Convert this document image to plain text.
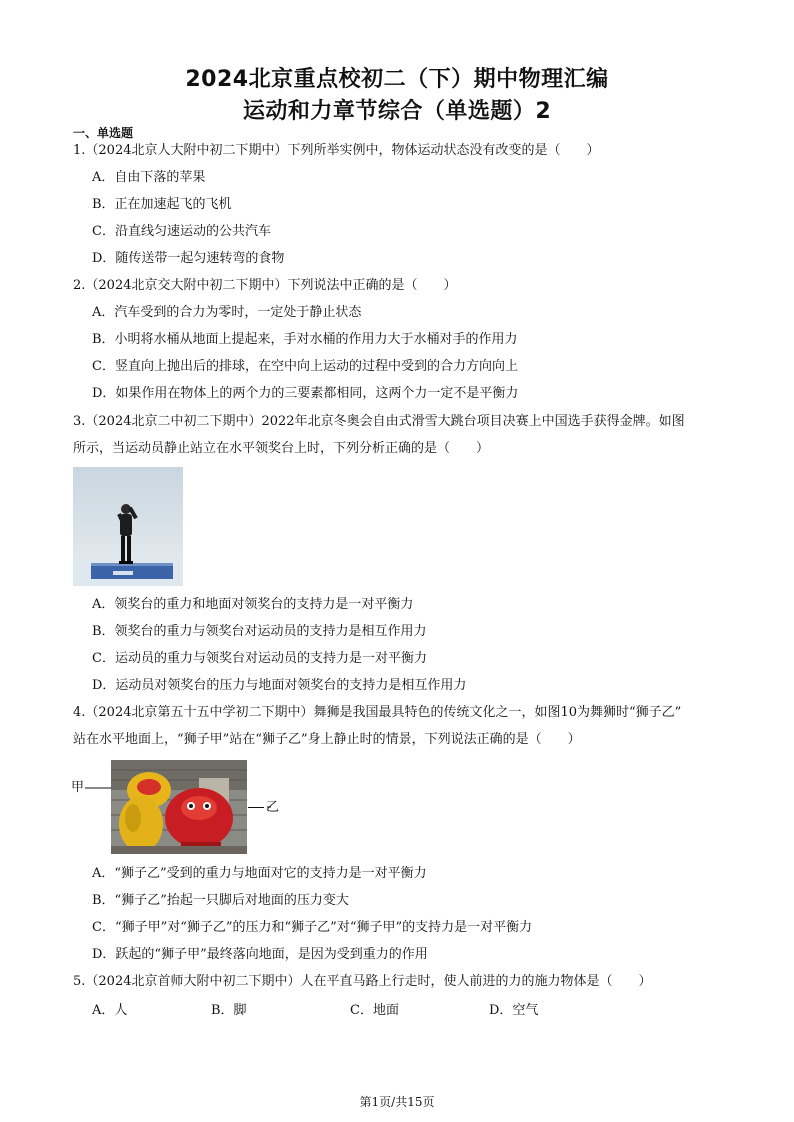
2024北京重点校初二（下）期中物理汇编
运动和力章节综合（单选题）2
一、单选题
1.（2024北京人大附中初二下期中）下列所举实例中，物体运动状态没有改变的是（　　）
A．自由下落的苹果
B．正在加速起飞的飞机
C．沿直线匀速运动的公共汽车
D．随传送带一起匀速转弯的食物
2.（2024北京交大附中初二下期中）下列说法中正确的是（　　）
A．汽车受到的合力为零时，一定处于静止状态
B．小明将水桶从地面上提起来，手对水桶的作用力大于水桶对手的作用力
C．竖直向上抛出后的排球，在空中向上运动的过程中受到的合力方向向上
D．如果作用在物体上的两个力的三要素都相同，这两个力一定不是平衡力
3.（2024北京二中初二下期中）2022年北京冬奥会自由式滑雪大跳台项目决赛上中国选手获得金牌。如图
所示，当运动员静止站立在水平领奖台上时，下列分析正确的是（　　）
A．领奖台的重力和地面对领奖台的支持力是一对平衡力
B．领奖台的重力与领奖台对运动员的支持力是相互作用力
C．运动员的重力与领奖台对运动员的支持力是一对平衡力
D．运动员对领奖台的压力与地面对领奖台的支持力是相互作用力
4.（2024北京第五十五中学初二下期中）舞狮是我国最具特色的传统文化之一，如图10为舞狮时“狮子乙”
站在水平地面上，“狮子甲”站在“狮子乙”身上静止时的情景，下列说法正确的是（　　）
甲
乙
A．“狮子乙”受到的重力与地面对它的支持力是一对平衡力
B．“狮子乙”抬起一只脚后对地面的压力变大
C．“狮子甲”对“狮子乙”的压力和“狮子乙”对“狮子甲”的支持力是一对平衡力
D．跃起的“狮子甲”最终落向地面，是因为受到重力的作用
5.（2024北京首师大附中初二下期中）人在平直马路上行走时，使人前进的力的施力物体是（　　）
A．人	B．脚	C．地面	D．空气
第1页/共15页
